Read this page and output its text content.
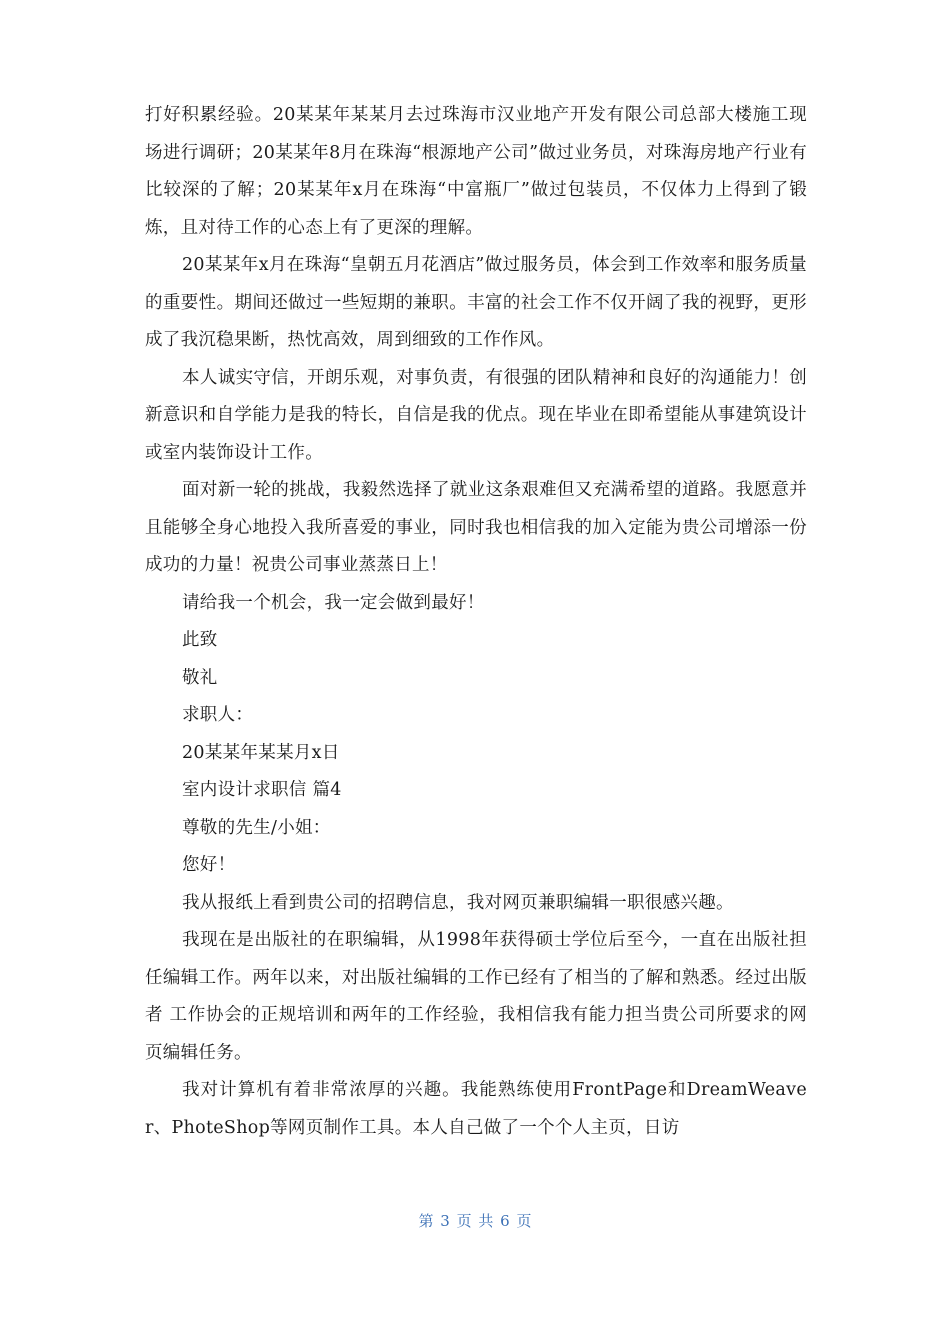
打好积累经验。20某某年某某月去过珠海市汉业地产开发有限公司总部大楼施工现场进行调研；20某某年8月在珠海“根源地产公司”做过业务员，对珠海房地产行业有比较深的了解；20某某年x月在珠海“中富瓶厂”做过包装员，不仅体力上得到了锻炼，且对待工作的心态上有了更深的理解。

20某某年x月在珠海“皇朝五月花酒店”做过服务员，体会到工作效率和服务质量的重要性。期间还做过一些短期的兼职。丰富的社会工作不仅开阔了我的视野，更形成了我沉稳果断，热忱高效，周到细致的工作作风。

本人诚实守信，开朗乐观，对事负责，有很强的团队精神和良好的沟通能力！创新意识和自学能力是我的特长，自信是我的优点。现在毕业在即希望能从事建筑设计或室内装饰设计工作。

面对新一轮的挑战，我毅然选择了就业这条艰难但又充满希望的道路。我愿意并且能够全身心地投入我所喜爱的事业，同时我也相信我的加入定能为贵公司增添一份成功的力量！祝贵公司事业蒸蒸日上！

请给我一个机会，我一定会做到最好！

此致

敬礼

求职人：

20某某年某某月x日

室内设计求职信 篇4

尊敬的先生/小姐：

您好！

我从报纸上看到贵公司的招聘信息，我对网页兼职编辑一职很感兴趣。

我现在是出版社的在职编辑，从1998年获得硕士学位后至今，一直在出版社担任编辑工作。两年以来，对出版社编辑的工作已经有了相当的了解和熟悉。经过出版者 工作协会的正规培训和两年的工作经验，我相信我有能力担当贵公司所要求的网页编辑任务。

我对计算机有着非常浓厚的兴趣。我能熟练使用FrontPage和DreamWeaver、PhoteShop等网页制作工具。本人自己做了一个个人主页，日访

第 3 页 共 6 页
